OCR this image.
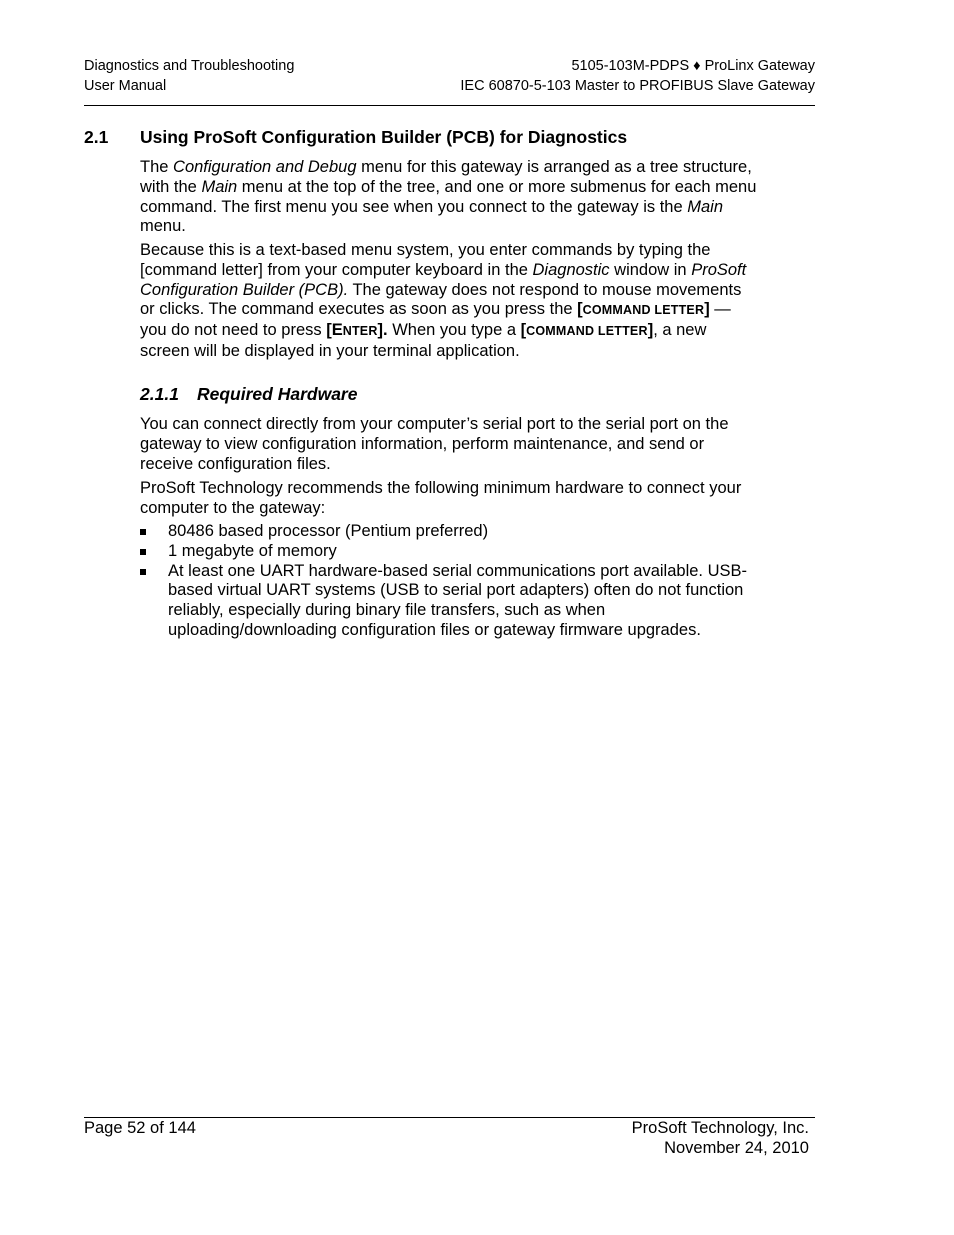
Diagnostics and Troubleshooting
User Manual
5105-103M-PDPS ♦ ProLinx Gateway
IEC 60870-5-103 Master to PROFIBUS Slave Gateway
2.1 Using ProSoft Configuration Builder (PCB) for Diagnostics

The Configuration and Debug menu for this gateway is arranged as a tree structure, with the Main menu at the top of the tree, and one or more submenus for each menu command. The first menu you see when you connect to the gateway is the Main menu.

Because this is a text-based menu system, you enter commands by typing the [command letter] from your computer keyboard in the Diagnostic window in ProSoft Configuration Builder (PCB). The gateway does not respond to mouse movements or clicks. The command executes as soon as you press the [COMMAND LETTER] — you do not need to press [ENTER]. When you type a [COMMAND LETTER], a new screen will be displayed in your terminal application.

2.1.1 Required Hardware

You can connect directly from your computer’s serial port to the serial port on the gateway to view configuration information, perform maintenance, and send or receive configuration files.

ProSoft Technology recommends the following minimum hardware to connect your computer to the gateway:

80486 based processor (Pentium preferred)
1 megabyte of memory
At least one UART hardware-based serial communications port available. USB-based virtual UART systems (USB to serial port adapters) often do not function reliably, especially during binary file transfers, such as when uploading/downloading configuration files or gateway firmware upgrades.
Page 52 of 144	ProSoft Technology, Inc.
November 24, 2010
